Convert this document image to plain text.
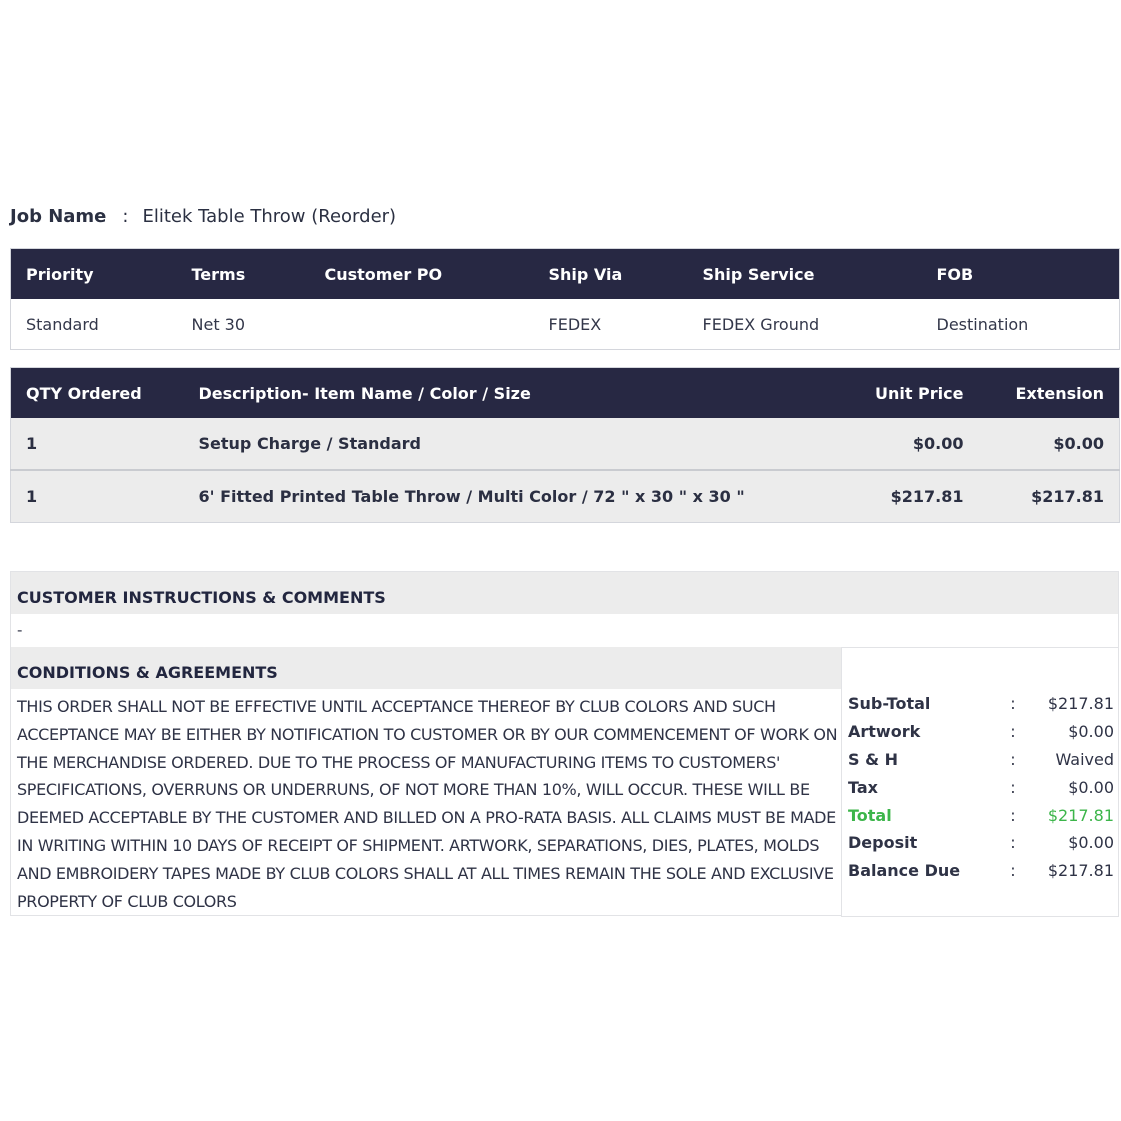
Job Name : Elitek Table Throw (Reorder)
Priority	Terms	Customer PO	Ship Via	Ship Service	FOB
Standard	Net 30		FEDEX	FEDEX Ground	Destination
QTY Ordered	Description- Item Name / Color / Size	Unit Price	Extension
1	Setup Charge / Standard	$0.00	$0.00
1	6' Fitted Printed Table Throw / Multi Color / 72 " x 30 " x 30 "	$217.81	$217.81
CUSTOMER INSTRUCTIONS & COMMENTS
-
CONDITIONS & AGREEMENTS
THIS ORDER SHALL NOT BE EFFECTIVE UNTIL ACCEPTANCE THEREOF BY CLUB COLORS AND SUCH ACCEPTANCE MAY BE EITHER BY NOTIFICATION TO CUSTOMER OR BY OUR COMMENCEMENT OF WORK ON THE MERCHANDISE ORDERED. DUE TO THE PROCESS OF MANUFACTURING ITEMS TO CUSTOMERS' SPECIFICATIONS, OVERRUNS OR UNDERRUNS, OF NOT MORE THAN 10%, WILL OCCUR. THESE WILL BE DEEMED ACCEPTABLE BY THE CUSTOMER AND BILLED ON A PRO-RATA BASIS. ALL CLAIMS MUST BE MADE IN WRITING WITHIN 10 DAYS OF RECEIPT OF SHIPMENT. ARTWORK, SEPARATIONS, DIES, PLATES, MOLDS AND EMBROIDERY TAPES MADE BY CLUB COLORS SHALL AT ALL TIMES REMAIN THE SOLE AND EXCLUSIVE PROPERTY OF CLUB COLORS
Sub-Total	:	$217.81
Artwork	:	$0.00
S & H	:	Waived
Tax	:	$0.00
Total	:	$217.81
Deposit	:	$0.00
Balance Due	:	$217.81
